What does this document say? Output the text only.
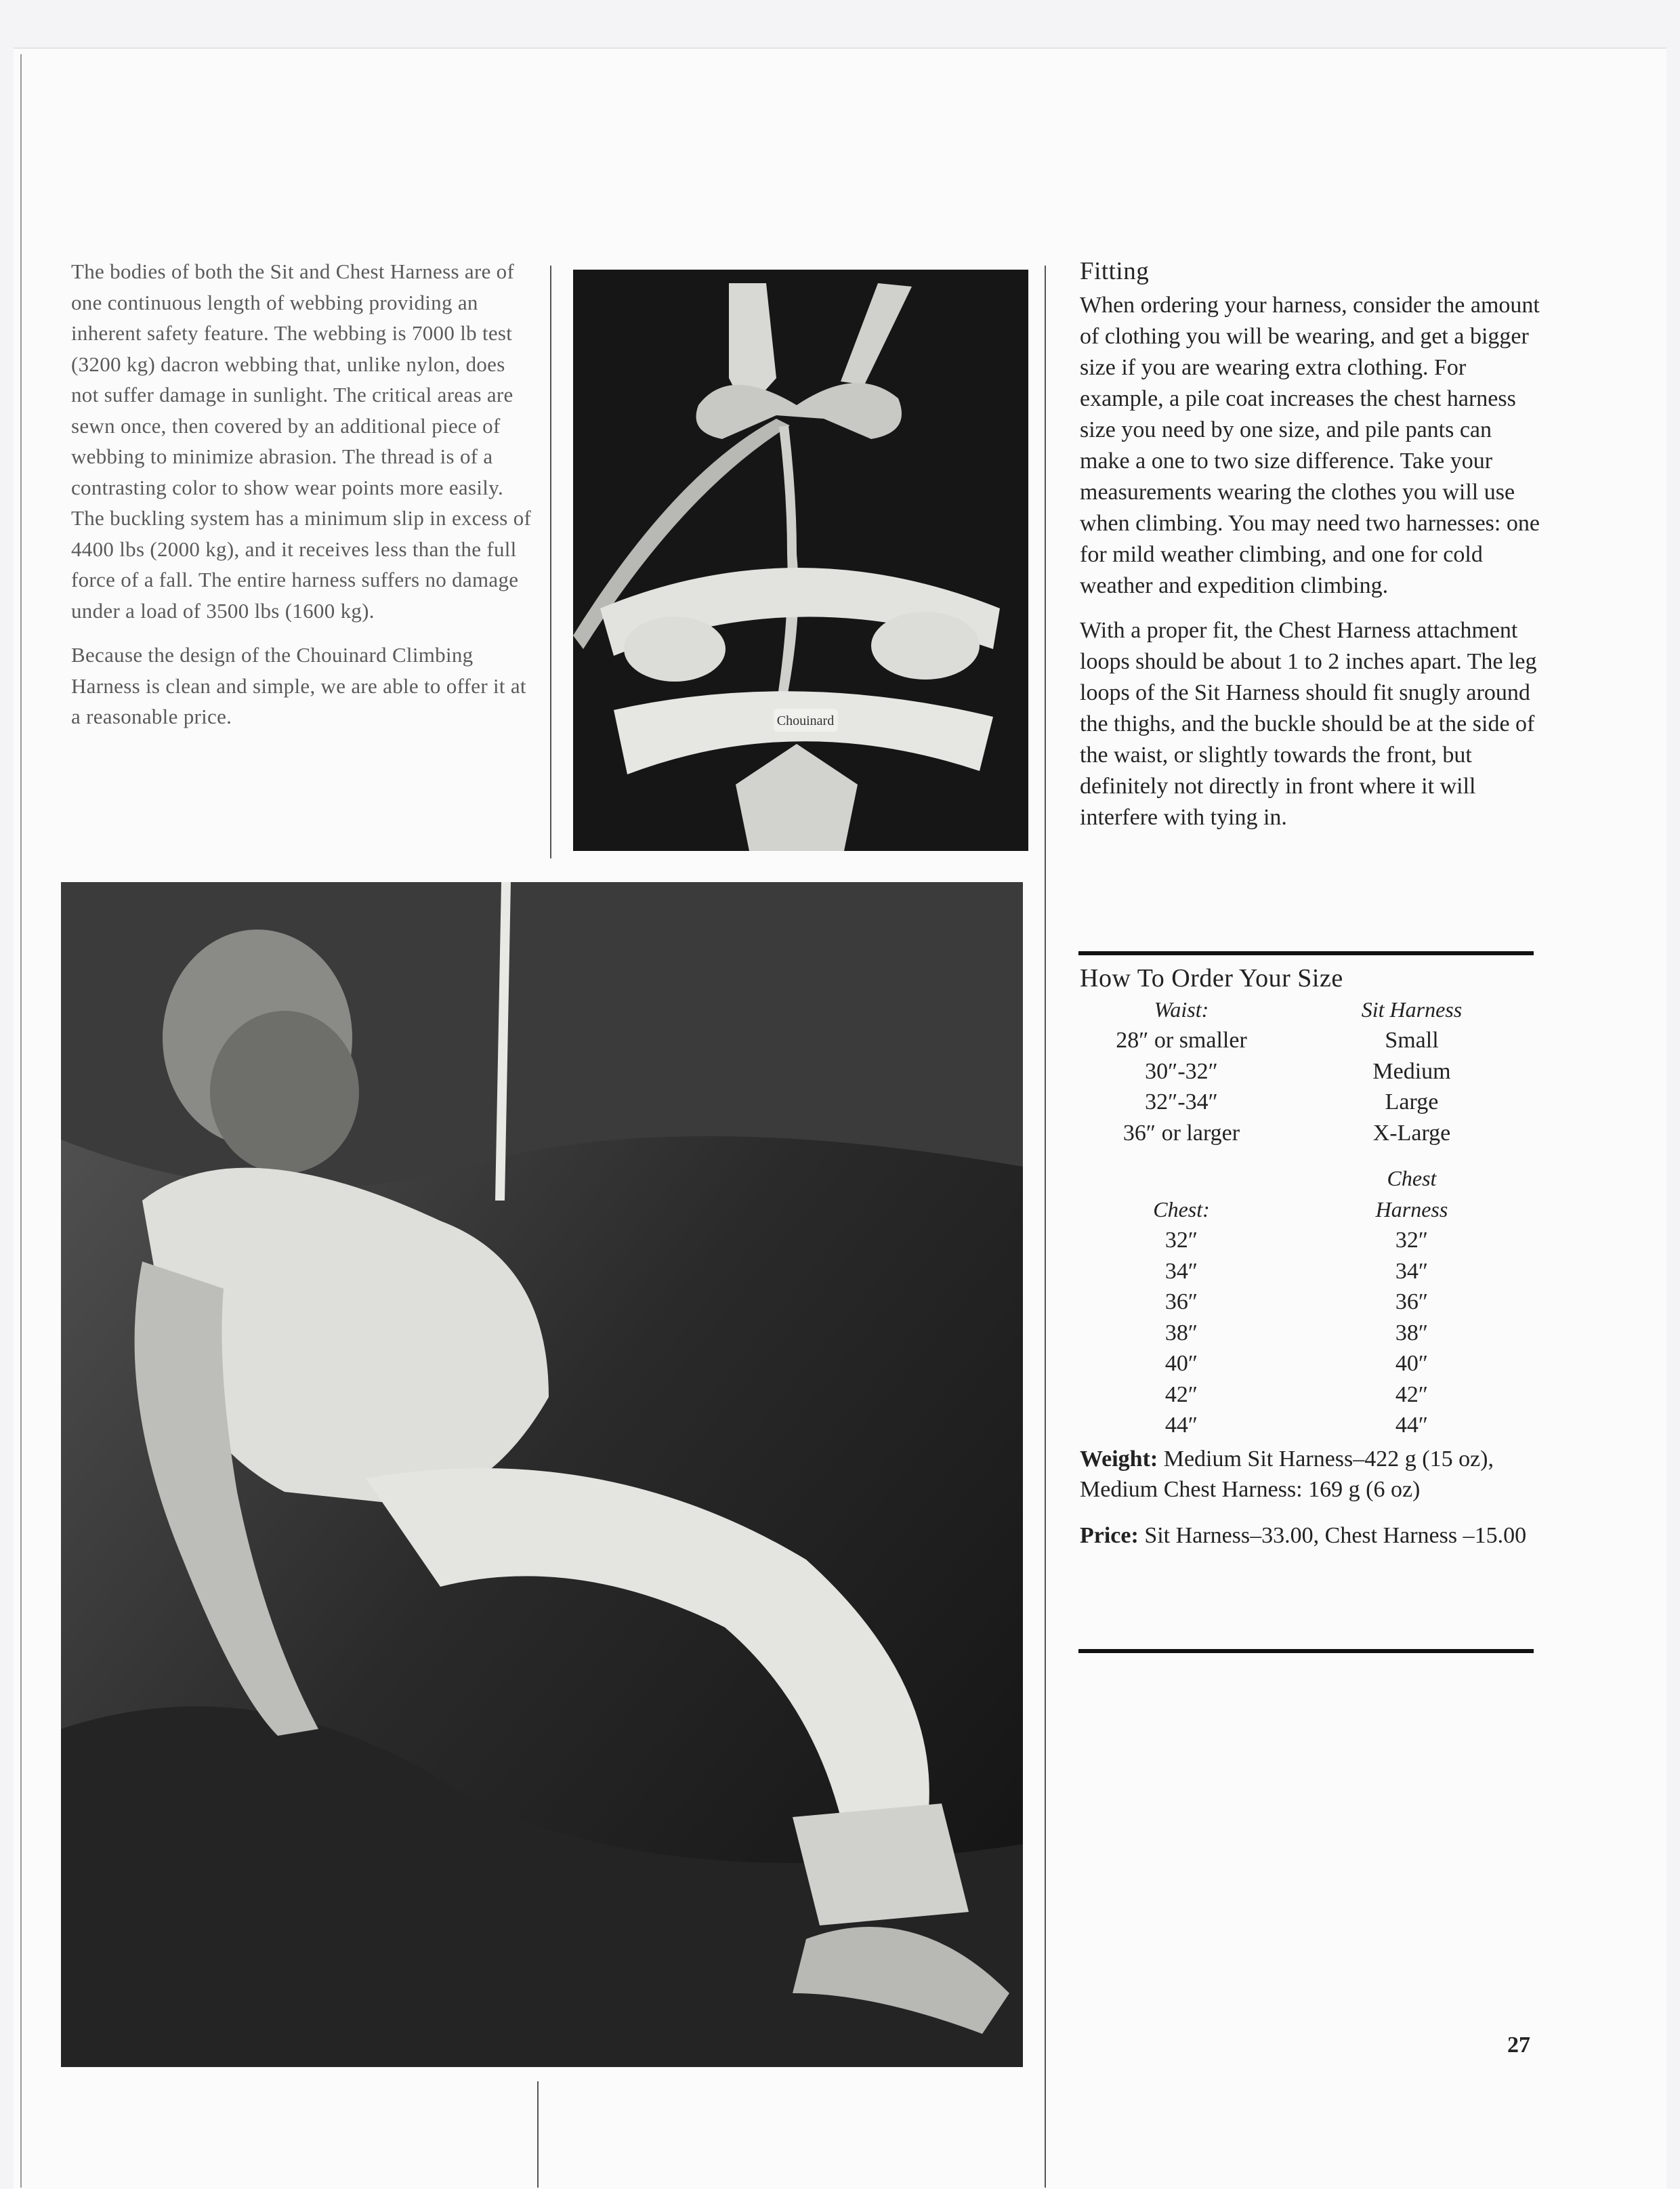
The bodies of both the Sit and Chest Harness are of one continuous length of webbing providing an inherent safety feature. The webbing is 7000 lb test (3200 kg) dacron webbing that, unlike nylon, does not suffer damage in sunlight. The critical areas are sewn once, then covered by an additional piece of webbing to minimize abrasion. The thread is of a contrasting color to show wear points more easily. The buckling system has a minimum slip in excess of 4400 lbs (2000 kg), and it receives less than the full force of a fall. The entire harness suffers no damage under a load of 3500 lbs (1600 kg).

Because the design of the Chouinard Climbing Harness is clean and simple, we are able to offer it at a reasonable price.	Chouinard
Fitting

When ordering your harness, consider the amount of clothing you will be wearing, and get a bigger size if you are wearing extra clothing. For example, a pile coat increases the chest harness size you need by one size, and pile pants can make a one to two size difference. Take your measurements wearing the clothes you will use when climbing. You may need two harnesses: one for mild weather climbing, and one for cold weather and expedition climbing.

With a proper fit, the Chest Harness attachment loops should be about 1 to 2 inches apart. The leg loops of the Sit Harness should fit snugly around the thighs, and the buckle should be at the side of the waist, or slightly towards the front, but definitely not directly in front where it will interfere with tying in.

How To Order Your Size
Waist:	Sit Harness
28″ or smaller	Small
30″-32″	Medium
32″-34″	Large
36″ or larger	X-Large
Chest
Chest:	Harness
32″	32″
34″	34″
36″	36″
38″	38″
40″	40″
42″	42″
44″	44″
Weight: Medium Sit Harness–422 g (15 oz), Medium Chest Harness: 169 g (6 oz)
Price: Sit Harness–33.00, Chest Harness –15.00
27
